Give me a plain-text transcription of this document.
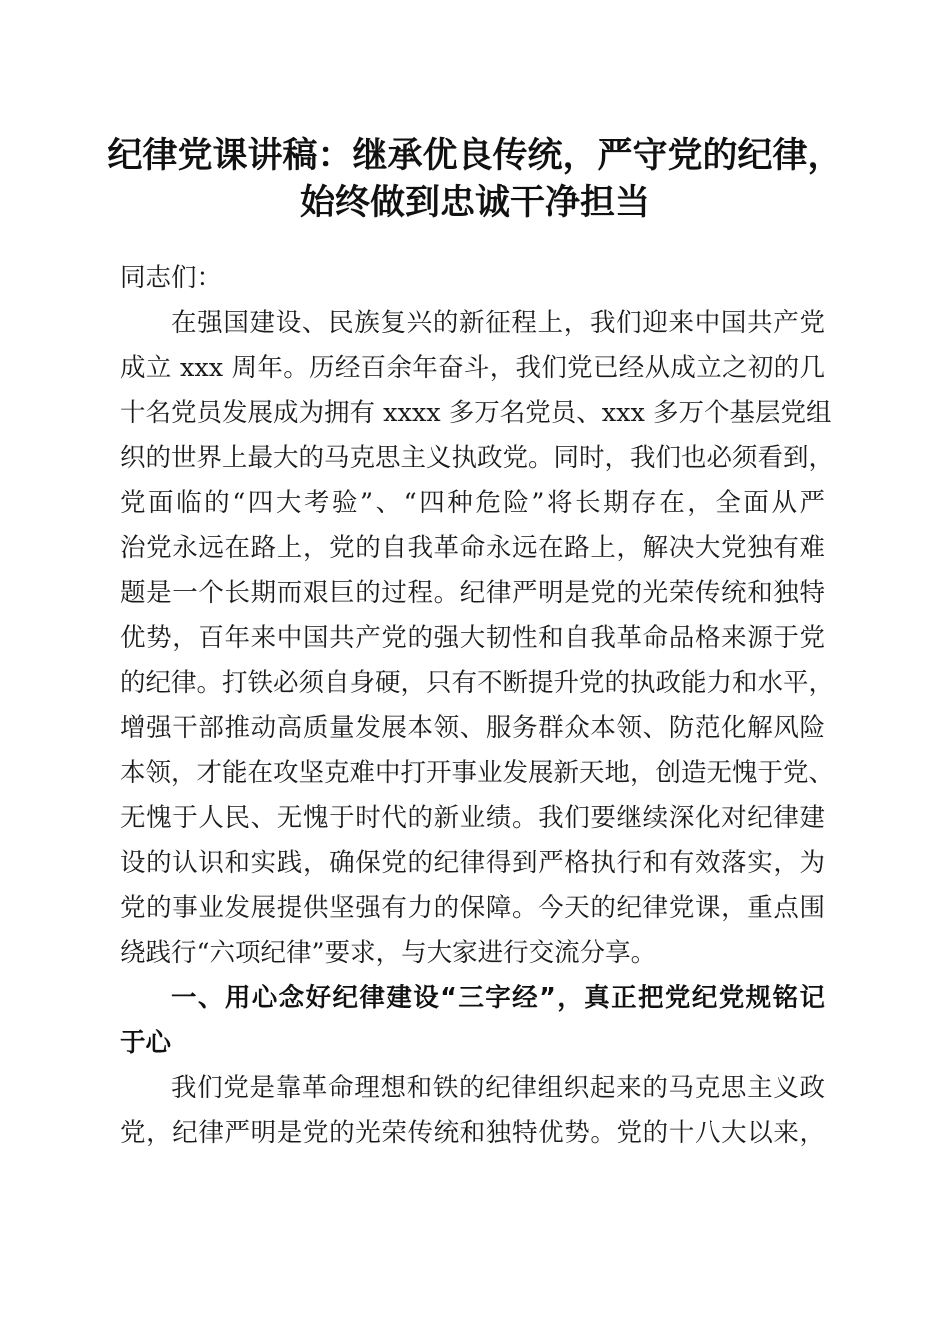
纪律党课讲稿：继承优良传统，严守党的纪律，
始终做到忠诚干净担当
同志们：
在强国建设、民族复兴的新征程上，我们迎来中国共产党
成立 xxx 周年。历经百余年奋斗，我们党已经从成立之初的几
十名党员发展成为拥有 xxxx 多万名党员、xxx 多万个基层党组
织的世界上最大的马克思主义执政党。同时，我们也必须看到，
党面临的“四大考验”、“四种危险”将长期存在，全面从严
治党永远在路上，党的自我革命永远在路上，解决大党独有难
题是一个长期而艰巨的过程。纪律严明是党的光荣传统和独特
优势，百年来中国共产党的强大韧性和自我革命品格来源于党
的纪律。打铁必须自身硬，只有不断提升党的执政能力和水平，
增强干部推动高质量发展本领、服务群众本领、防范化解风险
本领，才能在攻坚克难中打开事业发展新天地，创造无愧于党、
无愧于人民、无愧于时代的新业绩。我们要继续深化对纪律建
设的认识和实践，确保党的纪律得到严格执行和有效落实，为
党的事业发展提供坚强有力的保障。今天的纪律党课，重点围
绕践行“六项纪律”要求，与大家进行交流分享。
一、用心念好纪律建设“三字经”，真正把党纪党规铭记
于心
我们党是靠革命理想和铁的纪律组织起来的马克思主义政
党，纪律严明是党的光荣传统和独特优势。党的十八大以来，
